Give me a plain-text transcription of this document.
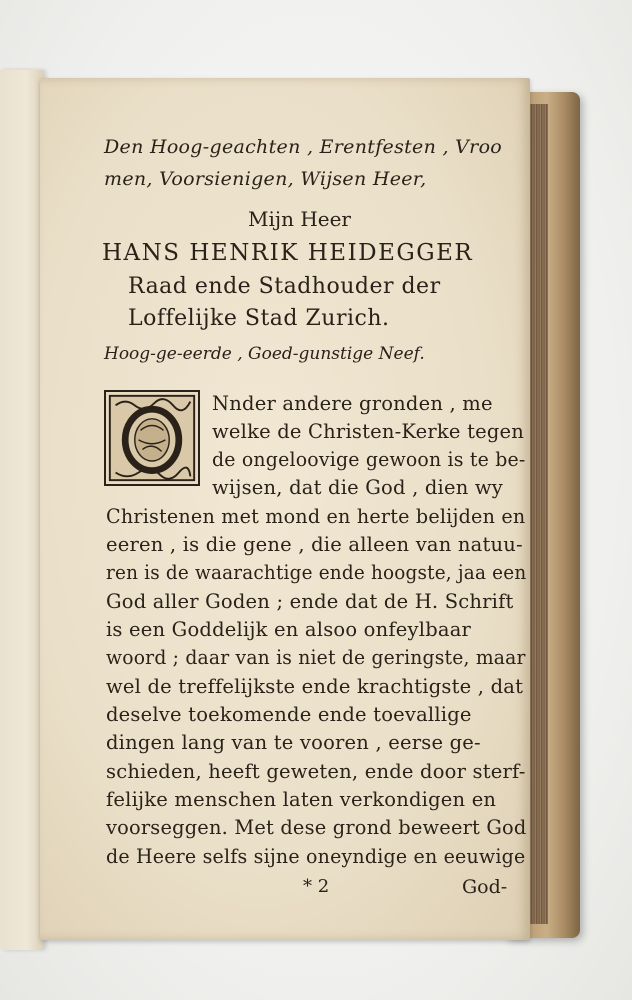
Den Hoog-geachten , Erentfesten , Vroo
men, Voorsienigen, Wijsen Heer,
Mijn Heer
HANS HENRIK HEIDEGGER
Raad ende Stadhouder der
Loffelijke Stad Zurich.
Hoog-ge-eerde , Goed-gunstige Neef.
Nnder andere gronden , me
welke de Christen-Kerke tegen
de ongeloovige gewoon is te be-
wijsen, dat die God , dien wy
Christenen met mond en herte belijden en
eeren , is die gene , die alleen van natuu-
ren is de waarachtige ende hoogste, jaa een
God aller Goden ; ende dat de H. Schrift
is een Goddelijk en alsoo onfeylbaar
woord ; daar van is niet de geringste, maar
wel de treffelijkste ende krachtigste , dat
deselve toekomende ende toevallige
dingen lang van te vooren , eerse ge-
schieden, heeft geweten, ende door sterf-
felijke menschen laten verkondigen en
voorseggen. Met dese grond beweert God
de Heere selfs sijne oneyndige en eeuwige
* 2	God-
